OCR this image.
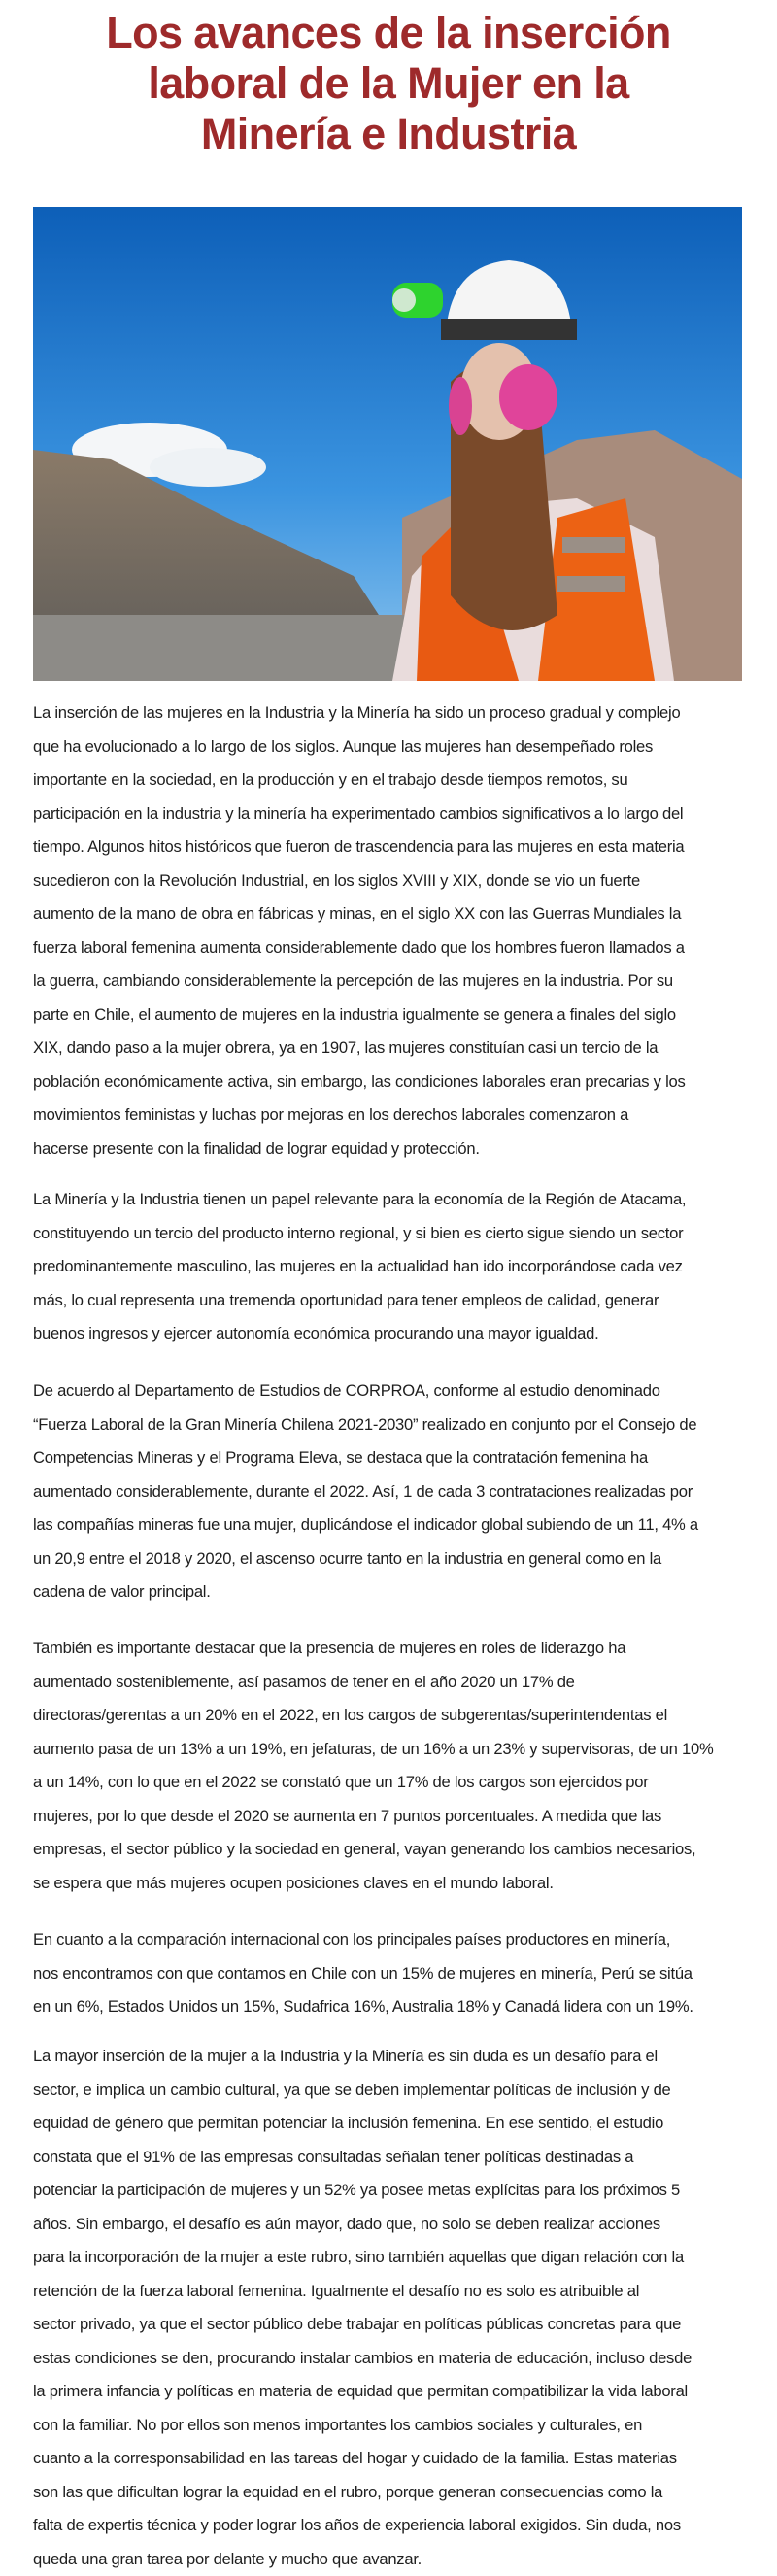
Los avances de la inserción
laboral de la Mujer en la
Minería e Industria
La inserción de las mujeres en la Industria y la Minería ha sido un proceso gradual y complejo
que ha evolucionado a lo largo de los siglos. Aunque las mujeres han desempeñado roles
importante en la sociedad, en la producción y en el trabajo desde tiempos remotos, su
participación en la industria y la minería ha experimentado cambios significativos a lo largo del
tiempo. Algunos hitos históricos que fueron de trascendencia para las mujeres en esta materia
sucedieron con la Revolución Industrial, en los siglos XVIII y XIX, donde se vio un fuerte
aumento de la mano de obra en fábricas y minas, en el siglo XX con las Guerras Mundiales la
fuerza laboral femenina aumenta considerablemente dado que los hombres fueron llamados a
la guerra, cambiando considerablemente la percepción de las mujeres en la industria. Por su
parte en Chile, el aumento de mujeres en la industria igualmente se genera a finales del siglo
XIX, dando paso a la mujer obrera, ya en 1907, las mujeres constituían casi un tercio de la
población económicamente activa, sin embargo, las condiciones laborales eran precarias y los
movimientos feministas y luchas por mejoras en los derechos laborales comenzaron a
hacerse presente con la finalidad de lograr equidad y protección.
La Minería y la Industria tienen un papel relevante para la economía de la Región de Atacama,
constituyendo un tercio del producto interno regional, y si bien es cierto sigue siendo un sector
predominantemente masculino, las mujeres en la actualidad han ido incorporándose cada vez
más, lo cual representa una tremenda oportunidad para tener empleos de calidad, generar
buenos ingresos y ejercer autonomía económica procurando una mayor igualdad.
De acuerdo al Departamento de Estudios de CORPROA, conforme al estudio denominado
“Fuerza Laboral de la Gran Minería Chilena 2021-2030” realizado en conjunto por el Consejo de
Competencias Mineras y el Programa Eleva, se destaca que la contratación femenina ha
aumentado considerablemente, durante el 2022. Así, 1 de cada 3 contrataciones realizadas por
las compañías mineras fue una mujer, duplicándose el indicador global subiendo de un 11, 4% a
un 20,9 entre el 2018 y 2020, el ascenso ocurre tanto en la industria en general como en la
cadena de valor principal.
También es importante destacar que la presencia de mujeres en roles de liderazgo ha
aumentado sosteniblemente, así pasamos de tener en el año 2020 un 17% de
directoras/gerentas a un 20% en el 2022, en los cargos de subgerentas/superintendentas el
aumento pasa de un 13% a un 19%, en jefaturas, de un 16% a un 23% y supervisoras, de un 10%
a un 14%, con lo que en el 2022 se constató que un 17% de los cargos son ejercidos por
mujeres, por lo que desde el 2020 se aumenta en 7 puntos porcentuales. A medida que las
empresas, el sector público y la sociedad en general, vayan generando los cambios necesarios,
se espera que más mujeres ocupen posiciones claves en el mundo laboral.
En cuanto a la comparación internacional con los principales países productores en minería,
nos encontramos con que contamos en Chile con un 15% de mujeres en minería, Perú se sitúa
en un 6%, Estados Unidos un 15%, Sudafrica 16%, Australia 18% y Canadá lidera con un 19%.
La mayor inserción de la mujer a la Industria y la Minería es sin duda es un desafío para el
sector, e implica un cambio cultural, ya que se deben implementar políticas de inclusión y de
equidad de género que permitan potenciar la inclusión femenina. En ese sentido, el estudio
constata que el 91% de las empresas consultadas señalan tener políticas destinadas a
potenciar la participación de mujeres y un 52% ya posee metas explícitas para los próximos 5
años. Sin embargo, el desafío es aún mayor, dado que, no solo se deben realizar acciones
para la incorporación de la mujer a este rubro, sino también aquellas que digan relación con la
retención de la fuerza laboral femenina. Igualmente el desafío no es solo es atribuible al
sector privado, ya que el sector público debe trabajar en políticas públicas concretas para que
estas condiciones se den, procurando instalar cambios en materia de educación, incluso desde
la primera infancia y políticas en materia de equidad que permitan compatibilizar la vida laboral
con la familiar. No por ellos son menos importantes los cambios sociales y culturales, en
cuanto a la corresponsabilidad en las tareas del hogar y cuidado de la familia. Estas materias
son las que dificultan lograr la equidad en el rubro, porque generan consecuencias como la
falta de expertis técnica y poder lograr los años de experiencia laboral exigidos. Sin duda, nos
queda una gran tarea por delante y mucho que avanzar.
